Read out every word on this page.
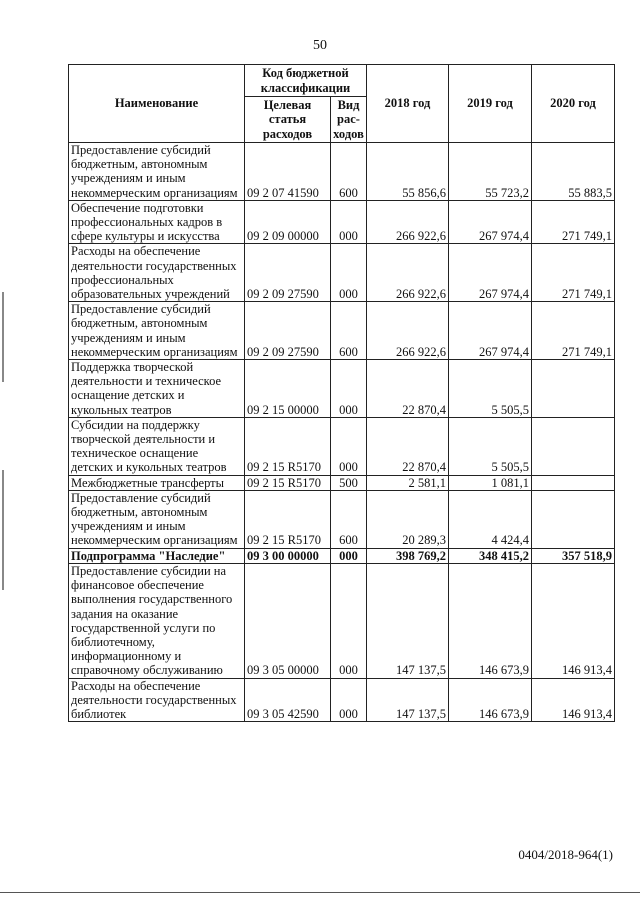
50
Наименование	Код бюджетной классификации		2018 год	2019 год	2020 год
	Целевая статья расходов	Вид рас-ходов			
Предоставление субсидий бюджетным, автономным учреждениям и иным некоммерческим организациям	09 2 07 41590	600	55 856,6	55 723,2	55 883,5
Обеспечение подготовки профессиональных кадров в сфере культуры и искусства	09 2 09 00000	000	266 922,6	267 974,4	271 749,1
Расходы на обеспечение деятельности государственных профессиональных образовательных учреждений	09 2 09 27590	000	266 922,6	267 974,4	271 749,1
Предоставление субсидий бюджетным, автономным учреждениям и иным некоммерческим организациям	09 2 09 27590	600	266 922,6	267 974,4	271 749,1
Поддержка творческой деятельности и техническое оснащение детских и кукольных театров	09 2 15 00000	000	22 870,4	5 505,5	
Субсидии на поддержку творческой деятельности и техническое оснащение детских и кукольных театров	09 2 15 R5170	000	22 870,4	5 505,5	
Межбюджетные трансферты	09 2 15 R5170	500	2 581,1	1 081,1	
Предоставление субсидий бюджетным, автономным учреждениям и иным некоммерческим организациям	09 2 15 R5170	600	20 289,3	4 424,4	
Подпрограмма "Наследие"	09 3 00 00000	000	398 769,2	348 415,2	357 518,9
Предоставление субсидии на финансовое обеспечение выполнения государственного задания на оказание государственной услуги по библиотечному, информационному и справочному обслуживанию	09 3 05 00000	000	147 137,5	146 673,9	146 913,4
Расходы на обеспечение деятельности государственных библиотек	09 3 05 42590	000	147 137,5	146 673,9	146 913,4
0404/2018-964(1)
